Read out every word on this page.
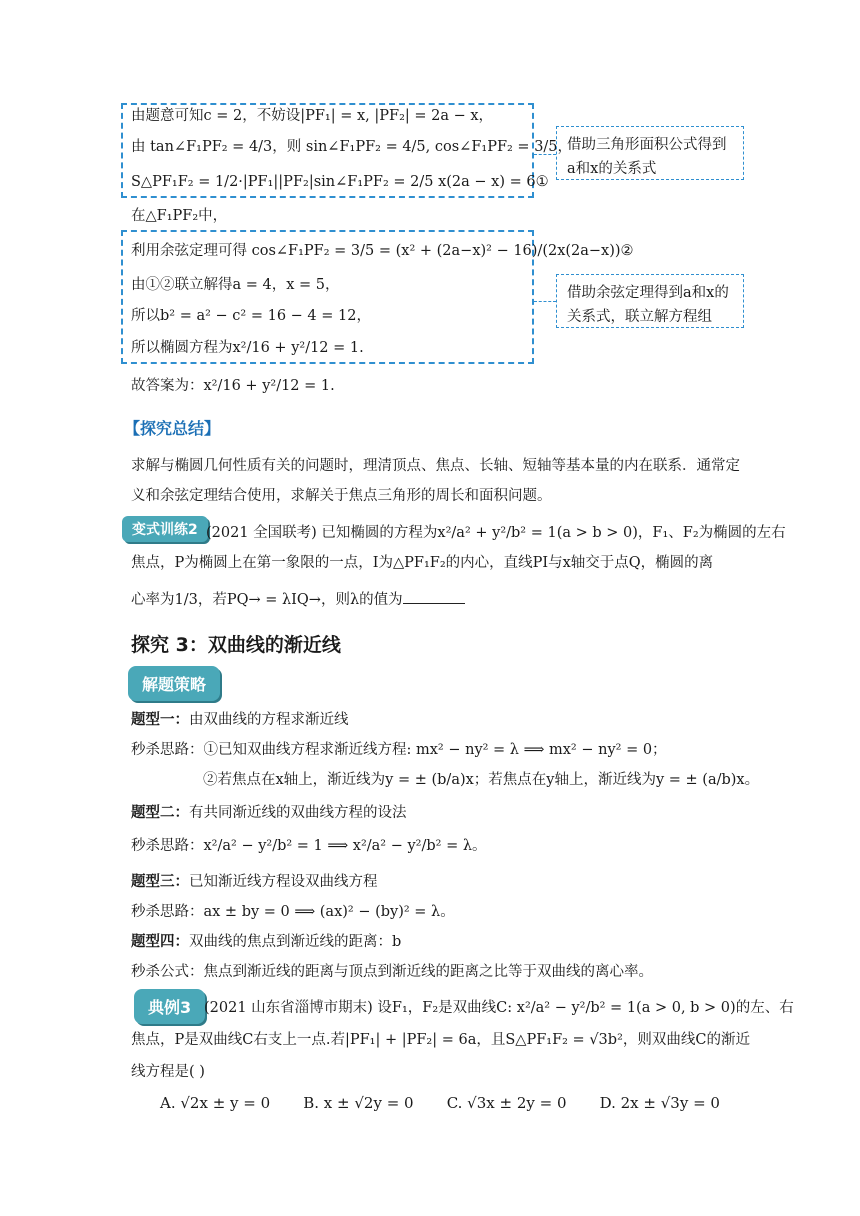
由题意可知c = 2，不妨设|PF₁| = x, |PF₂| = 2a − x，
由 tan∠F₁PF₂ = 4/3，则 sin∠F₁PF₂ = 4/5, cos∠F₁PF₂ = 3/5，
S△PF₁F₂ = 1/2·|PF₁||PF₂|sin∠F₁PF₂ = 2/5 x(2a − x) = 6①
借助三角形面积公式得到a和x的关系式
在△F₁PF₂中，
利用余弦定理可得 cos∠F₁PF₂ = 3/5 = (x² + (2a−x)² − 16)/(2x(2a−x))②
由①②联立解得a = 4，x = 5，
所以b² = a² − c² = 16 − 4 = 12，
所以椭圆方程为x²/16 + y²/12 = 1.
借助余弦定理得到a和x的关系式，联立解方程组
故答案为：x²/16 + y²/12 = 1.
【探究总结】
求解与椭圆几何性质有关的问题时，理清顶点、焦点、长轴、短轴等基本量的内在联系．通常定义和余弦定理结合使用，求解关于焦点三角形的周长和面积问题。
变式训练2 (2021 全国联考) 已知椭圆的方程为x²/a² + y²/b² = 1(a > b > 0)，F₁、F₂为椭圆的左右
焦点，P为椭圆上在第一象限的一点，I为△PF₁F₂的内心，直线PI与x轴交于点Q，椭圆的离
心率为1/3，若PQ→ = λIQ→，则λ的值为
探究 3：双曲线的渐近线
解题策略
题型一：由双曲线的方程求渐近线
秒杀思路：①已知双曲线方程求渐近线方程: mx² − ny² = λ ⟹ mx² − ny² = 0；
②若焦点在x轴上，渐近线为y = ± (b/a)x；若焦点在y轴上，渐近线为y = ± (a/b)x。
题型二：有共同渐近线的双曲线方程的设法
秒杀思路：x²/a² − y²/b² = 1 ⟹ x²/a² − y²/b² = λ。
题型三：已知渐近线方程设双曲线方程
秒杀思路：ax ± by = 0 ⟹ (ax)² − (by)² = λ。
题型四：双曲线的焦点到渐近线的距离：b
秒杀公式：焦点到渐近线的距离与顶点到渐近线的距离之比等于双曲线的离心率。
典例3 (2021 山东省淄博市期末) 设F₁，F₂是双曲线C: x²/a² − y²/b² = 1(a > 0, b > 0)的左、右
焦点，P是双曲线C右支上一点.若|PF₁| + |PF₂| = 6a，且S△PF₁F₂ = √3b²，则双曲线C的渐近
线方程是( )
A. √2x ± y = 0 B. x ± √2y = 0 C. √3x ± 2y = 0 D. 2x ± √3y = 0
